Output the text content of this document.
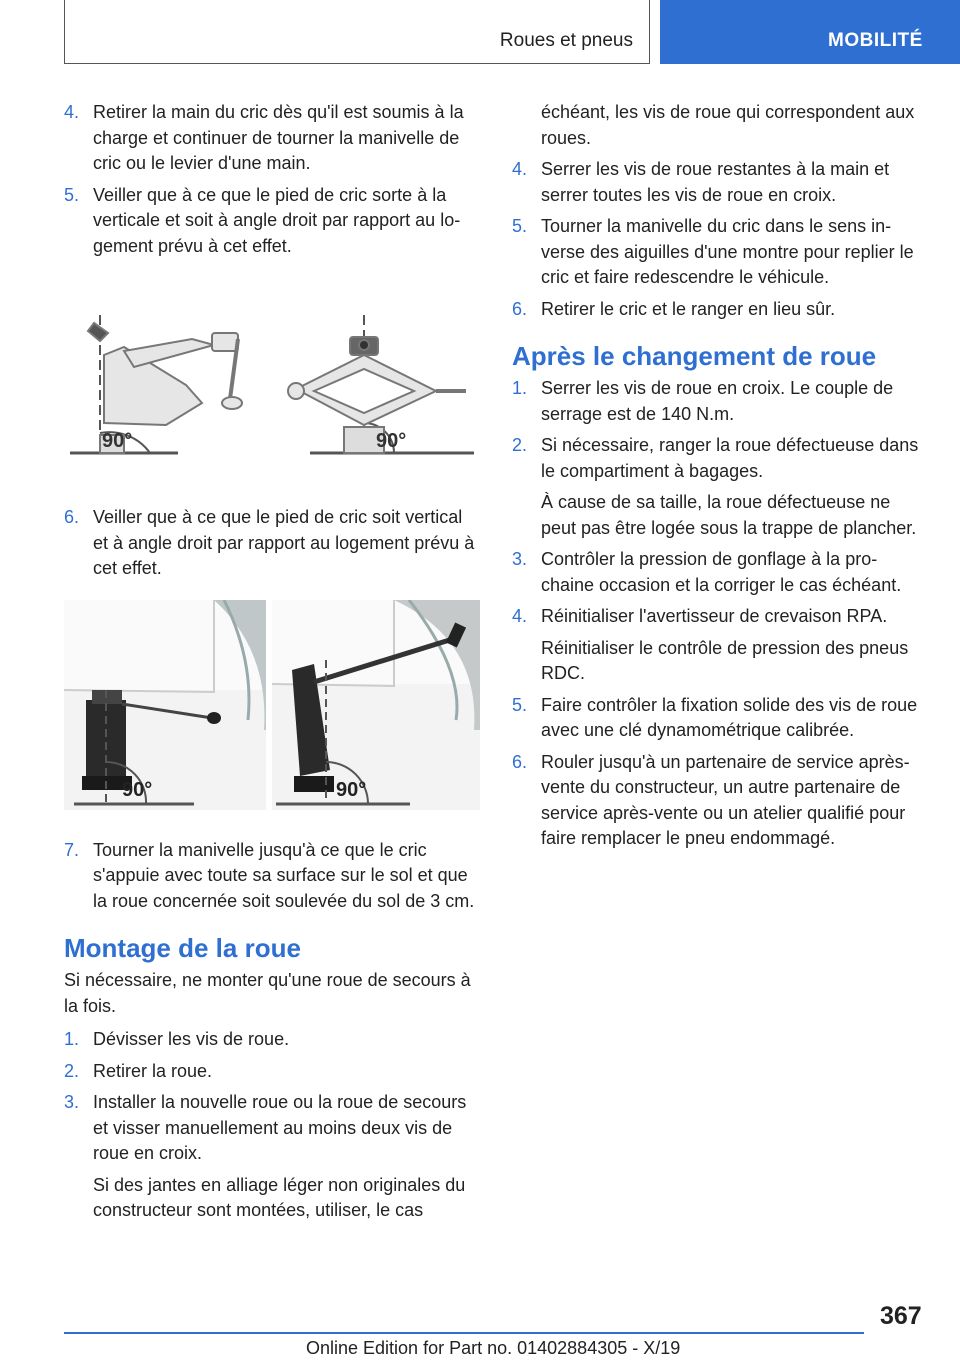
Roues et pneus	MOBILITÉ
4. Retirer la main du cric dès qu'il est soumis à la charge et continuer de tourner la manivelle de cric ou le levier d'une main.
5. Veiller que à ce que le pied de cric sorte à la verticale et soit à angle droit par rapport au logement prévu à cet effet.
90°	90°
6. Veiller que à ce que le pied de cric soit vertical et à angle droit par rapport au logement prévu à cet effet.
90°	90°
7. Tourner la manivelle jusqu'à ce que le cric s'appuie avec toute sa surface sur le sol et que la roue concernée soit soulevée du sol de 3 cm.
Montage de la roue
Si nécessaire, ne monter qu'une roue de secours à la fois.
1. Dévisser les vis de roue.
2. Retirer la roue.
3. Installer la nouvelle roue ou la roue de secours et visser manuellement au moins deux vis de roue en croix.
Si des jantes en alliage léger non originales du constructeur sont montées, utiliser, le cas
échéant, les vis de roue qui correspondent aux roues.
4. Serrer les vis de roue restantes à la main et serrer toutes les vis de roue en croix.
5. Tourner la manivelle du cric dans le sens inverse des aiguilles d'une montre pour replier le cric et faire redescendre le véhicule.
6. Retirer le cric et le ranger en lieu sûr.
Après le changement de roue
1. Serrer les vis de roue en croix. Le couple de serrage est de 140 N.m.
2. Si nécessaire, ranger la roue défectueuse dans le compartiment à bagages.
À cause de sa taille, la roue défectueuse ne peut pas être logée sous la trappe de plancher.
3. Contrôler la pression de gonflage à la prochaine occasion et la corriger le cas échéant.
4. Réinitialiser l'avertisseur de crevaison RPA.
Réinitialiser le contrôle de pression des pneus RDC.
5. Faire contrôler la fixation solide des vis de roue avec une clé dynamométrique calibrée.
6. Rouler jusqu'à un partenaire de service après-vente du constructeur, un autre partenaire de service après-vente ou un atelier qualifié pour faire remplacer le pneu endommagé.
367
Online Edition for Part no. 01402884305 - X/19
